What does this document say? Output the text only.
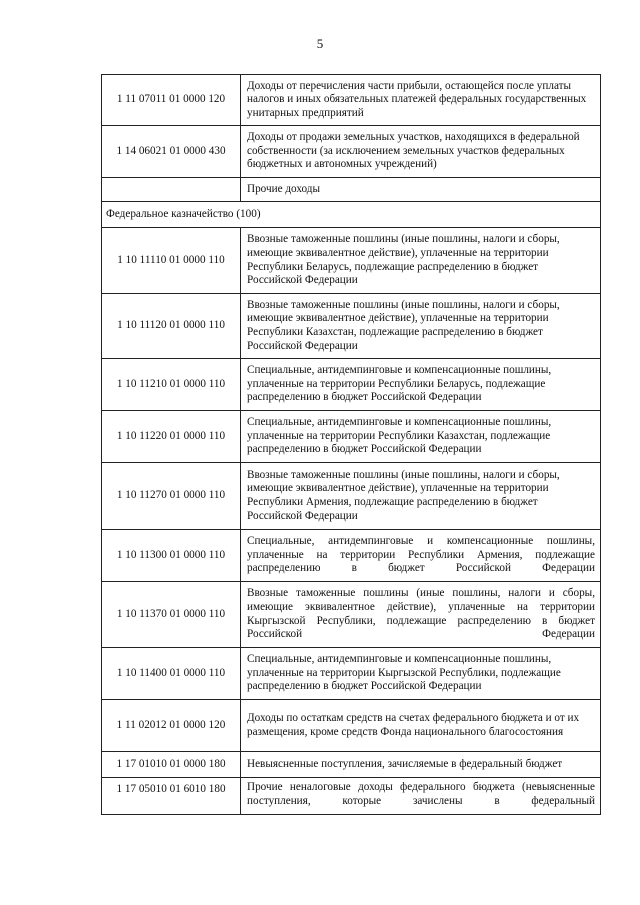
5
1 11 07011 01 0000 120	Доходы от перечисления части прибыли, остающейся после уплаты налогов и иных обязательных платежей федеральных государственных унитарных предприятий
1 14 06021 01 0000 430	Доходы от продажи земельных участков, находящихся в федеральной собственности (за исключением земельных участков федеральных бюджетных и автономных учреждений)
	Прочие доходы
Федеральное казначейство (100)	
1 10 11110 01 0000 110	Ввозные таможенные пошлины (иные пошлины, налоги и сборы, имеющие эквивалентное действие), уплаченные на территории Республики Беларусь, подлежащие распределению в бюджет Российской Федерации
1 10 11120 01 0000 110	Ввозные таможенные пошлины (иные пошлины, налоги и сборы, имеющие эквивалентное действие), уплаченные на территории Республики Казахстан, подлежащие распределению в бюджет Российской Федерации
1 10 11210 01 0000 110	Специальные, антидемпинговые и компенсационные пошлины, уплаченные на территории Республики Беларусь, подлежащие распределению в бюджет Российской Федерации
1 10 11220 01 0000 110	Специальные, антидемпинговые и компенсационные пошлины, уплаченные на территории Республики Казахстан, подлежащие распределению в бюджет Российской Федерации
1 10 11270 01 0000 110	Ввозные таможенные пошлины (иные пошлины, налоги и сборы, имеющие эквивалентное действие), уплаченные на территории Республики Армения, подлежащие распределению в бюджет Российской Федерации
1 10 11300 01 0000 110	Специальные, антидемпинговые и компенсационные пошлины, уплаченные на территории Республики Армения, подлежащие распределению в бюджет Российской Федерации
1 10 11370 01 0000 110	Ввозные таможенные пошлины (иные пошлины, налоги и сборы, имеющие эквивалентное действие), уплаченные на территории Кыргызской Республики, подлежащие распределению в бюджет Российской Федерации
1 10 11400 01 0000 110	Специальные, антидемпинговые и компенсационные пошлины, уплаченные на территории Кыргызской Республики, подлежащие распределению в бюджет Российской Федерации
1 11 02012 01 0000 120	Доходы по остаткам средств на счетах федерального бюджета и от их размещения, кроме средств Фонда национального благосостояния
1 17 01010 01 0000 180	Невыясненные поступления, зачисляемые в федеральный бюджет
1 17 05010 01 6010 180	Прочие неналоговые доходы федерального бюджета (невыясненные поступления, которые зачислены в федеральный
